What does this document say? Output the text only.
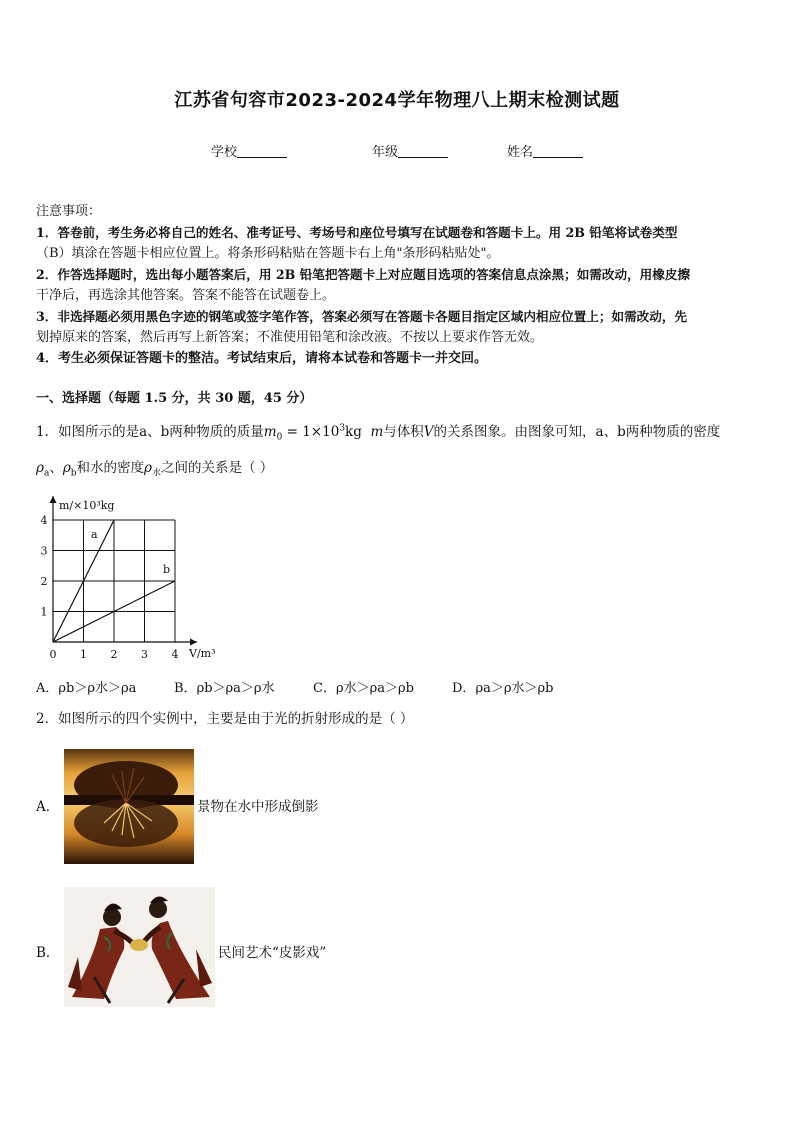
江苏省句容市2023-2024学年物理八上期末检测试题
学校	年级	姓名
注意事项：
1．答卷前，考生务必将自己的姓名、准考证号、考场号和座位号填写在试题卷和答题卡上。用 2B 铅笔将试卷类型
（B）填涂在答题卡相应位置上。将条形码粘贴在答题卡右上角"条形码粘贴处"。
2．作答选择题时，选出每小题答案后，用 2B 铅笔把答题卡上对应题目选项的答案信息点涂黑；如需改动，用橡皮擦
干净后，再选涂其他答案。答案不能答在试题卷上。
3．非选择题必须用黑色字迹的钢笔或签字笔作答，答案必须写在答题卡各题目指定区域内相应位置上；如需改动，先
划掉原来的答案，然后再写上新答案；不准使用铅笔和涂改液。不按以上要求作答无效。
4．考生必须保证答题卡的整洁。考试结束后，请将本试卷和答题卡一并交回。
一、选择题（每题 1.5 分，共 30 题，45 分）
1．如图所示的是a、b两种物质的质量$m_0 = 1\times 10^3kg$ m与体积V的关系图象。由图象可知，a、b两种物质的密度
$\rho_a$、$\rho_b$和水的密度$\rho_水$之间的关系是（ ）
0 1 2 3 4
1
2
3
4
m/×10³kg
V/m³
a
b
A．ρb＞ρ水＞ρa	B．ρb＞ρa＞ρ水	C．ρ水＞ρa＞ρb	D．ρa＞ρ水＞ρb
2．如图所示的四个实例中，主要是由于光的折射形成的是（ ）
A．	景物在水中形成倒影
B．	民间艺术“皮影戏”
